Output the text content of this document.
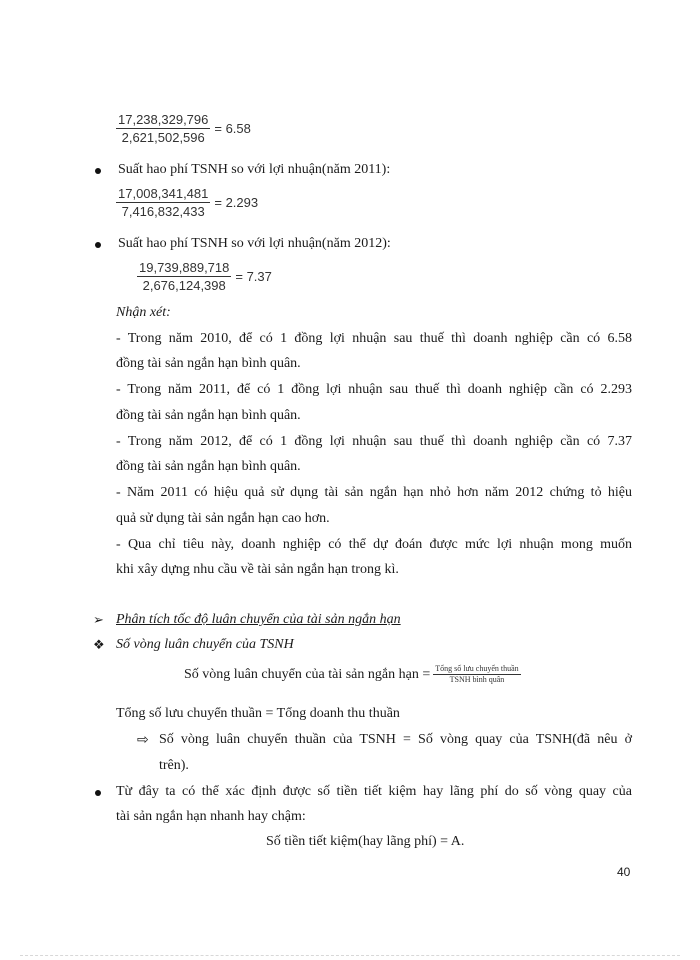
$\frac{17,238,329,796}{2,621,502,596} = 6.58$
Suất hao phí TSNH so với lợi nhuận(năm 2011):
$\frac{17,008,341,481}{7,416,832,433} = 2.293$
Suất hao phí TSNH so với lợi nhuận(năm 2012):
$\frac{19,739,889,718}{2,676,124,398} = 7.37$
Nhận xét:
- Trong năm 2010, để có 1 đồng lợi nhuận sau thuế thì doanh nghiệp cần có 6.58
đồng tài sản ngắn hạn bình quân.
- Trong năm 2011, để có 1 đồng lợi nhuận sau thuế thì doanh nghiệp cần có 2.293
đồng tài sản ngắn hạn bình quân.
- Trong năm 2012, để có 1 đồng lợi nhuận sau thuế thì doanh nghiệp cần có 7.37
đồng tài sản ngắn hạn bình quân.
- Năm 2011 có hiệu quả sử dụng tài sản ngắn hạn nhỏ hơn năm 2012 chứng tỏ hiệu
quả sử dụng tài sản ngắn hạn cao hơn.
- Qua chỉ tiêu này, doanh nghiệp có thể dự đoán được mức lợi nhuận mong muốn
khi xây dựng nhu cầu về tài sản ngắn hạn trong kì.
➢ Phân tích tốc độ luân chuyển của tài sản ngắn hạn
❖ Số vòng luân chuyển của TSNH
Số vòng luân chuyển của tài sản ngắn hạn = $\frac{\text{Tổng số lưu chuyển thuần}}{\text{TSNH bình quân}}$
Tổng số lưu chuyển thuần = Tổng doanh thu thuần
⇨ Số vòng luân chuyển thuần của TSNH = Số vòng quay của TSNH(đã nêu ở
trên).
Từ đây ta có thể xác định được số tiền tiết kiệm hay lãng phí do số vòng quay của
tài sản ngắn hạn nhanh hay chậm:
Số tiền tiết kiệm(hay lãng phí) = A.
40
